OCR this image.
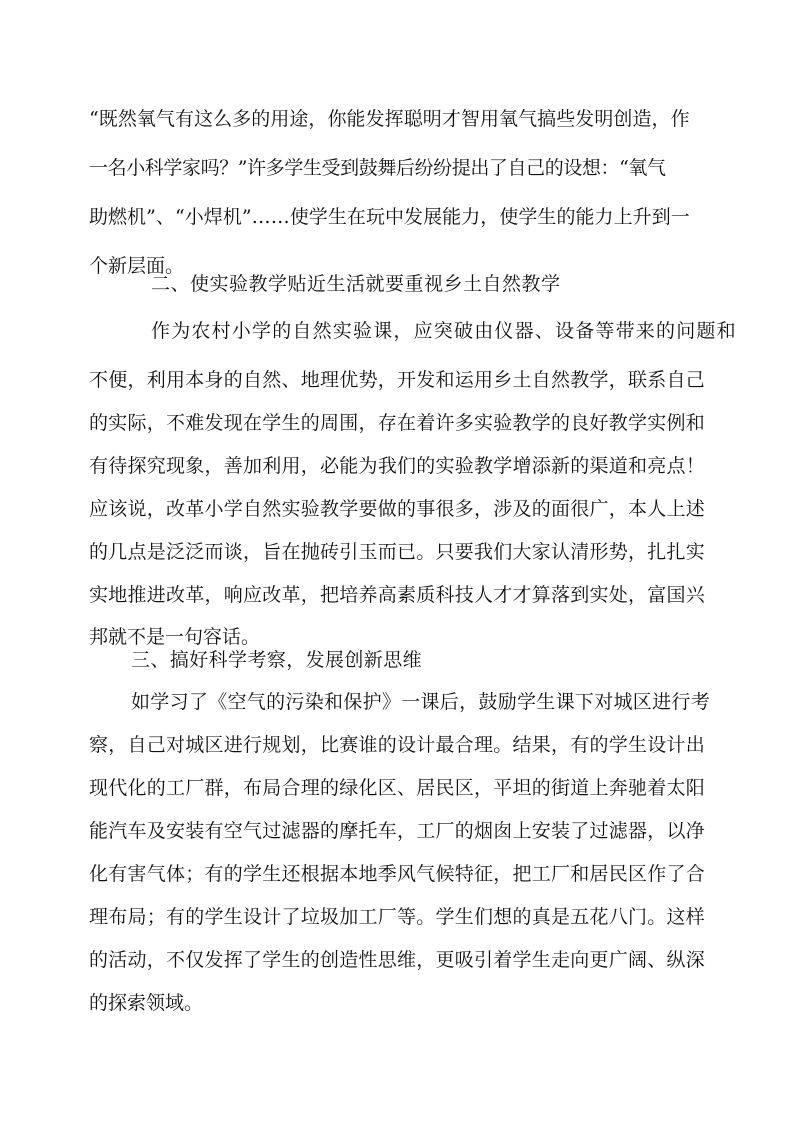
“既然氧气有这么多的用途，你能发挥聪明才智用氧气搞些发明创造，作
一名小科学家吗？”许多学生受到鼓舞后纷纷提出了自己的设想：“氧气
助燃机”、“小焊机”……使学生在玩中发展能力，使学生的能力上升到一
个新层面。
二、使实验教学贴近生活就要重视乡土自然教学
作为农村小学的自然实验课，应突破由仪器、设备等带来的问题和
不便，利用本身的自然、地理优势，开发和运用乡土自然教学，联系自己
的实际，不难发现在学生的周围，存在着许多实验教学的良好教学实例和
有待探究现象，善加利用，必能为我们的实验教学增添新的渠道和亮点！
应该说，改革小学自然实验教学要做的事很多，涉及的面很广，本人上述
的几点是泛泛而谈，旨在抛砖引玉而已。只要我们大家认清形势，扎扎实
实地推进改革，响应改革，把培养高素质科技人才才算落到实处，富国兴
邦就不是一句容话。
三、搞好科学考察，发展创新思维
如学习了《空气的污染和保护》一课后，鼓励学生课下对城区进行考
察，自己对城区进行规划，比赛谁的设计最合理。结果，有的学生设计出
现代化的工厂群，布局合理的绿化区、居民区，平坦的街道上奔驰着太阳
能汽车及安装有空气过滤器的摩托车，工厂的烟囱上安装了过滤器，以净
化有害气体；有的学生还根据本地季风气候特征，把工厂和居民区作了合
理布局；有的学生设计了垃圾加工厂等。学生们想的真是五花八门。这样
的活动，不仅发挥了学生的创造性思维，更吸引着学生走向更广阔、纵深
的探索领域。
